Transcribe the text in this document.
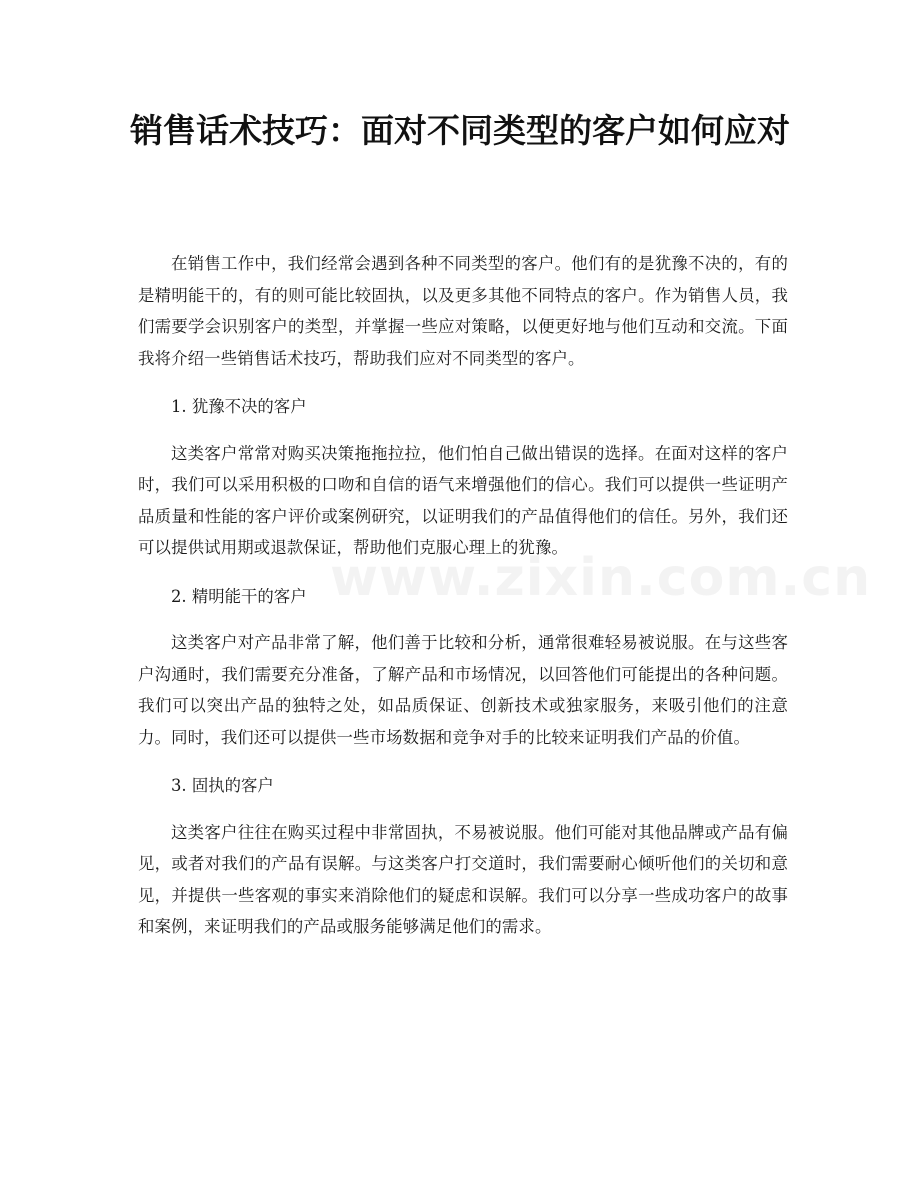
销售话术技巧：面对不同类型的客户如何应对

在销售工作中，我们经常会遇到各种不同类型的客户。他们有的是犹豫不决的，有的是精明能干的，有的则可能比较固执，以及更多其他不同特点的客户。作为销售人员，我们需要学会识别客户的类型，并掌握一些应对策略，以便更好地与他们互动和交流。下面我将介绍一些销售话术技巧，帮助我们应对不同类型的客户。

1. 犹豫不决的客户

这类客户常常对购买决策拖拖拉拉，他们怕自己做出错误的选择。在面对这样的客户时，我们可以采用积极的口吻和自信的语气来增强他们的信心。我们可以提供一些证明产品质量和性能的客户评价或案例研究，以证明我们的产品值得他们的信任。另外，我们还可以提供试用期或退款保证，帮助他们克服心理上的犹豫。

2. 精明能干的客户

这类客户对产品非常了解，他们善于比较和分析，通常很难轻易被说服。在与这些客户沟通时，我们需要充分准备，了解产品和市场情况，以回答他们可能提出的各种问题。我们可以突出产品的独特之处，如品质保证、创新技术或独家服务，来吸引他们的注意力。同时，我们还可以提供一些市场数据和竞争对手的比较来证明我们产品的价值。

3. 固执的客户

这类客户往往在购买过程中非常固执，不易被说服。他们可能对其他品牌或产品有偏见，或者对我们的产品有误解。与这类客户打交道时，我们需要耐心倾听他们的关切和意见，并提供一些客观的事实来消除他们的疑虑和误解。我们可以分享一些成功客户的故事和案例，来证明我们的产品或服务能够满足他们的需求。

www.zixin.com.cn
